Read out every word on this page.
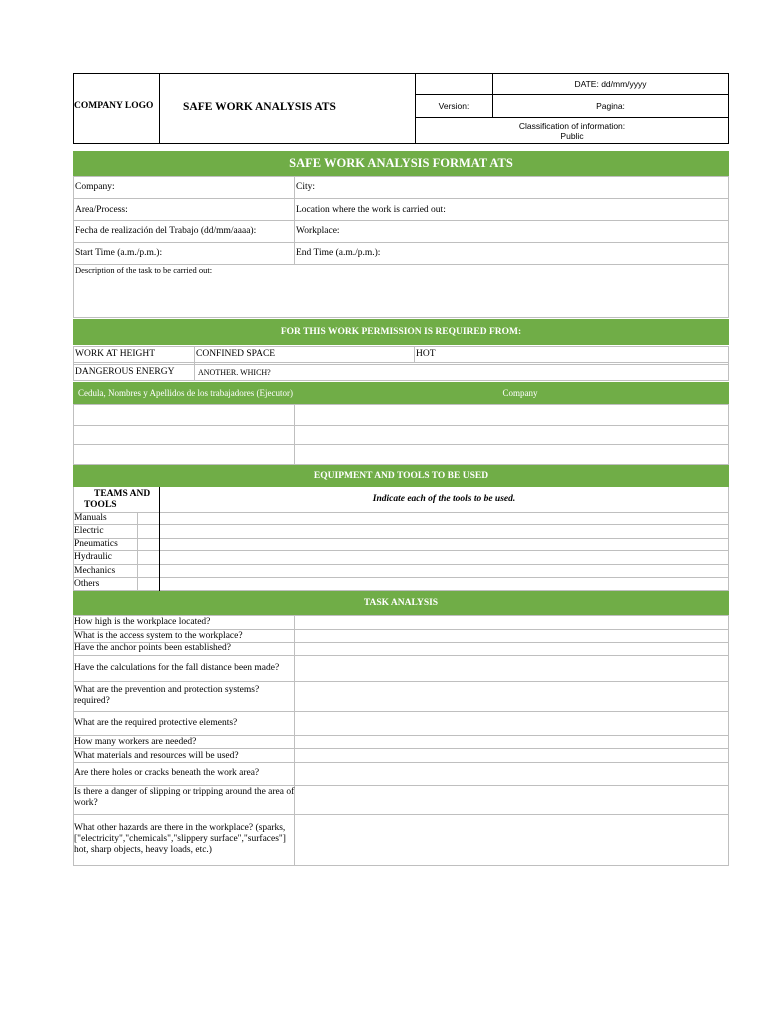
COMPANY LOGO	SAFE WORK ANALYSIS ATS
DATE: dd/mm/yyyy
Version:	Pagina:
Classification of information:
Public
SAFE WORK ANALYSIS FORMAT ATS
Company:	City:
Area/Process:	Location where the work is carried out:
Fecha de realización del Trabajo (dd/mm/aaaa):	Workplace:
Start Time (a.m./p.m.):	End Time (a.m./p.m.):
Description of the task to be carried out:
FOR THIS WORK PERMISSION IS REQUIRED FROM:
WORK AT HEIGHT	CONFINED SPACE	HOT
DANGEROUS ENERGY	ANOTHER. WHICH?
Cedula, Nombres y Apellidos de los trabajadores (Ejecutor)	Company
EQUIPMENT AND TOOLS TO BE USED
TEAMS AND
TOOLS
Indicate each of the tools to be used.
Manuals
Electric
Pneumatics
Hydraulic
Mechanics
Others
TASK ANALYSIS
How high is the workplace located?
What is the access system to the workplace?
Have the anchor points been established?
Have the calculations for the fall distance been made?
What are the prevention and protection systems? required?
What are the required protective elements?
How many workers are needed?
What materials and resources will be used?
Are there holes or cracks beneath the work area?
Is there a danger of slipping or tripping around the area of work?
What other hazards are there in the workplace? (sparks, ["electricity","chemicals","slippery surface","surfaces"] hot, sharp objects, heavy loads, etc.)
